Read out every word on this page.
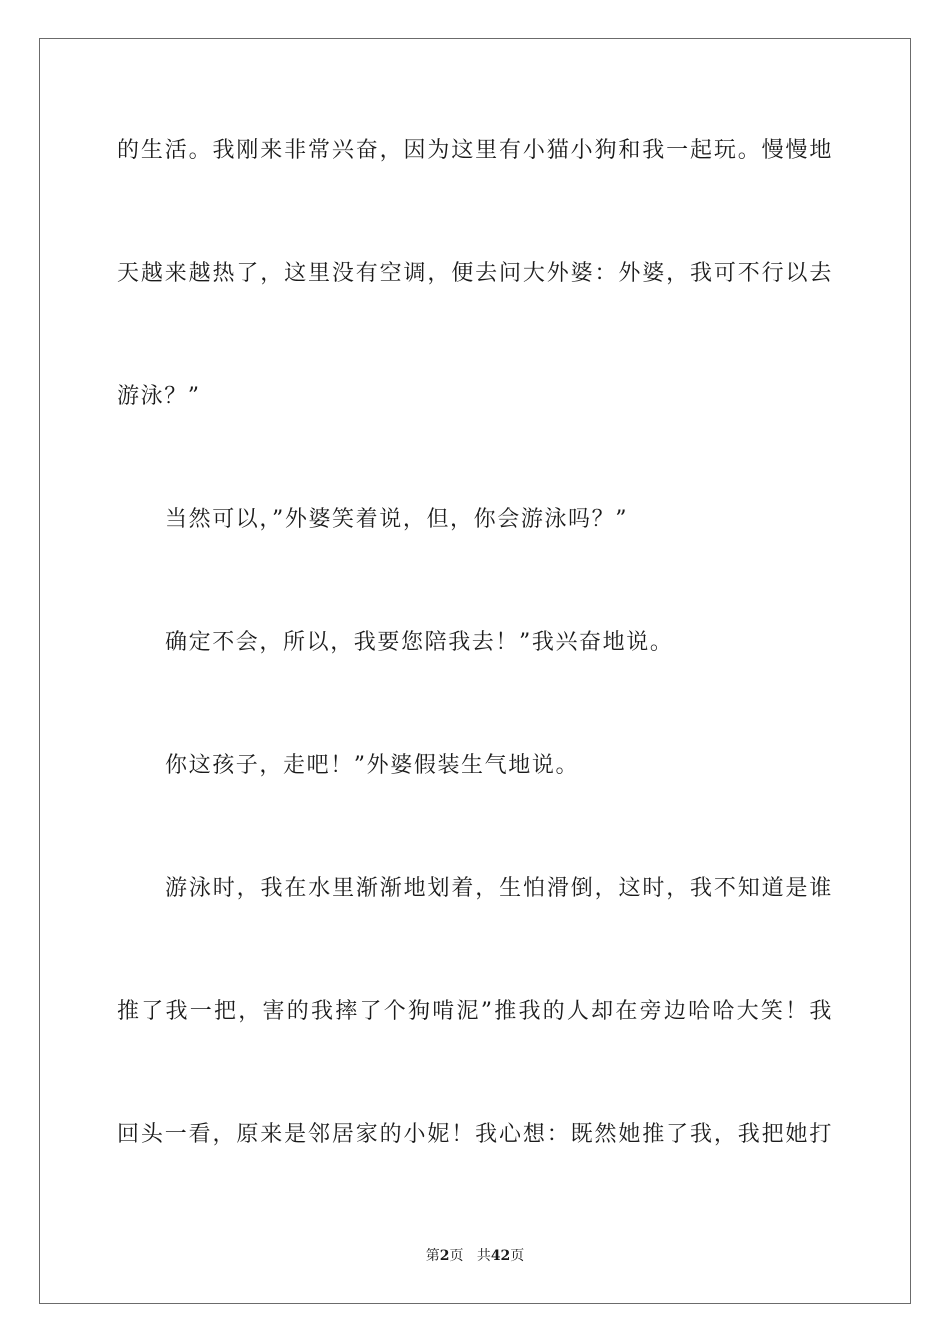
的生活。我刚来非常兴奋，因为这里有小猫小狗和我一起玩。慢慢地
天越来越热了，这里没有空调，便去问大外婆：外婆，我可不行以去
游泳？”
当然可以，”外婆笑着说，但，你会游泳吗？”
确定不会，所以，我要您陪我去！”我兴奋地说。
你这孩子，走吧！”外婆假装生气地说。
游泳时，我在水里渐渐地划着，生怕滑倒，这时，我不知道是谁
推了我一把，害的我摔了个狗啃泥”推我的人却在旁边哈哈大笑！我
回头一看，原来是邻居家的小妮！我心想：既然她推了我，我把她打
第2页 共42页
